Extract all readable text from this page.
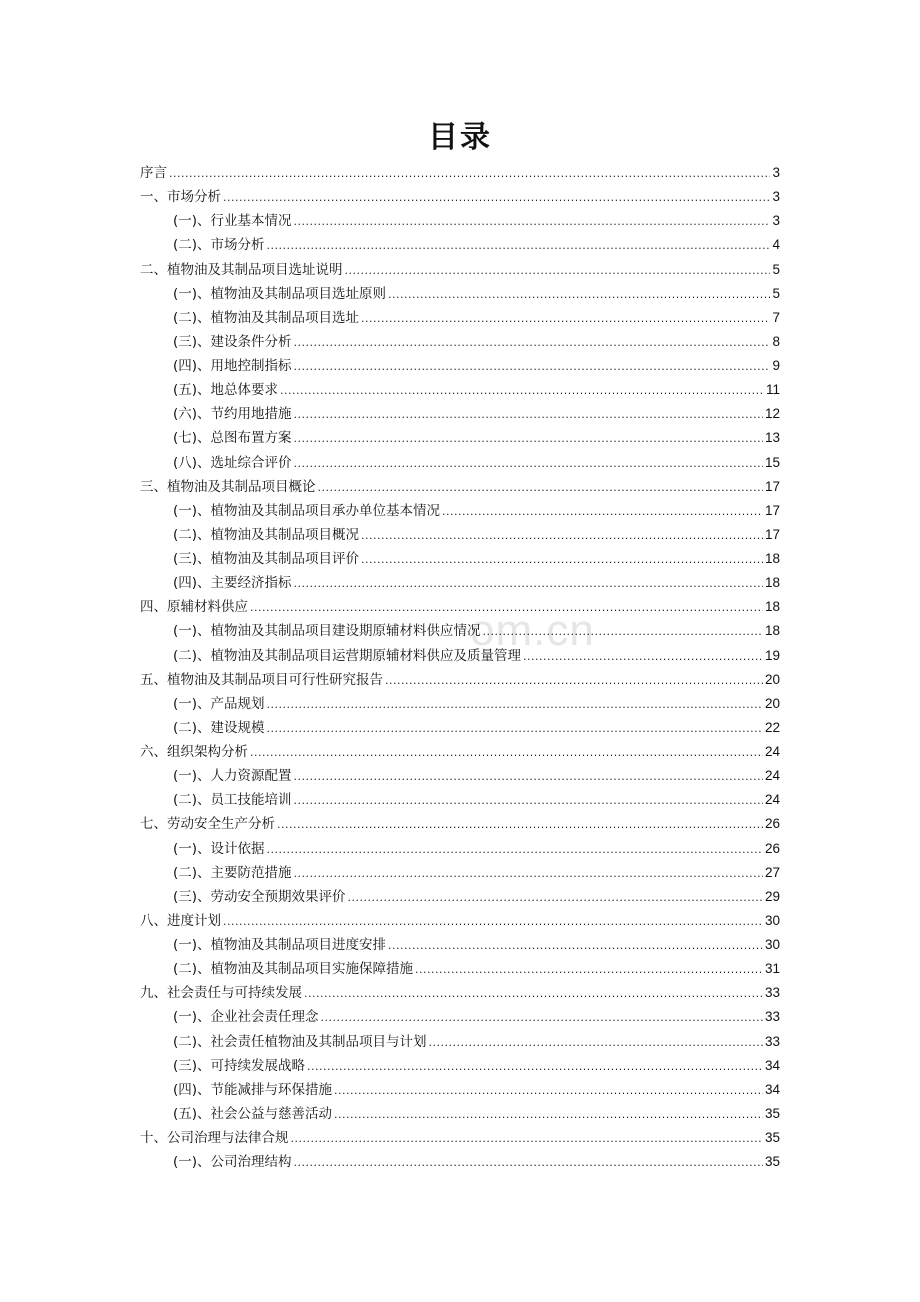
目录
om.cn
序言 .....	3
一、市场分析 .....	3
(一)、行业基本情况 .....	3
(二)、市场分析 .....	4
二、植物油及其制品项目选址说明 .....	5
(一)、植物油及其制品项目选址原则 .....	5
(二)、植物油及其制品项目选址 .....	7
(三)、建设条件分析 .....	8
(四)、用地控制指标 .....	9
(五)、地总体要求 .....	11
(六)、节约用地措施 .....	12
(七)、总图布置方案 .....	13
(八)、选址综合评价 .....	15
三、植物油及其制品项目概论 .....	17
(一)、植物油及其制品项目承办单位基本情况 .....	17
(二)、植物油及其制品项目概况 .....	17
(三)、植物油及其制品项目评价 .....	18
(四)、主要经济指标 .....	18
四、原辅材料供应 .....	18
(一)、植物油及其制品项目建设期原辅材料供应情况 .....	18
(二)、植物油及其制品项目运营期原辅材料供应及质量管理 .....	19
五、植物油及其制品项目可行性研究报告 .....	20
(一)、产品规划 .....	20
(二)、建设规模 .....	22
六、组织架构分析 .....	24
(一)、人力资源配置 .....	24
(二)、员工技能培训 .....	24
七、劳动安全生产分析 .....	26
(一)、设计依据 .....	26
(二)、主要防范措施 .....	27
(三)、劳动安全预期效果评价 .....	29
八、进度计划 .....	30
(一)、植物油及其制品项目进度安排 .....	30
(二)、植物油及其制品项目实施保障措施 .....	31
九、社会责任与可持续发展 .....	33
(一)、企业社会责任理念 .....	33
(二)、社会责任植物油及其制品项目与计划 .....	33
(三)、可持续发展战略 .....	34
(四)、节能减排与环保措施 .....	34
(五)、社会公益与慈善活动 .....	35
十、公司治理与法律合规 .....	35
(一)、公司治理结构 .....	35
